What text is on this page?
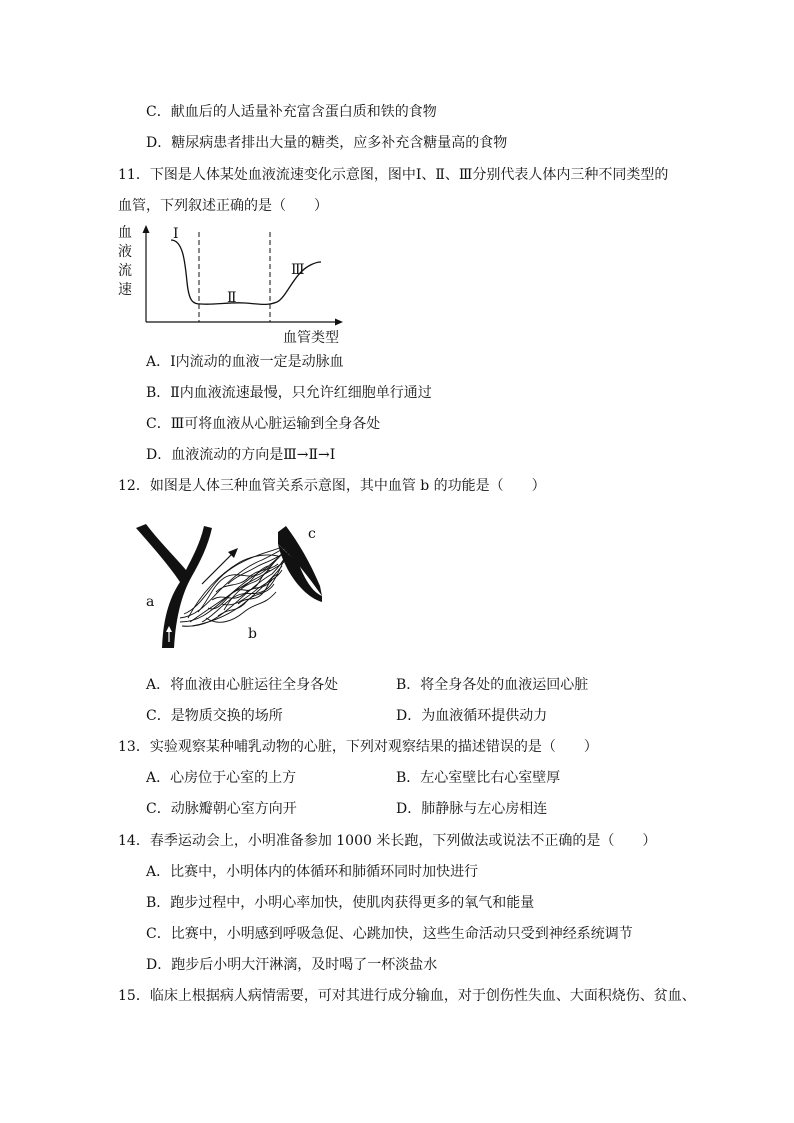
C．献血后的人适量补充富含蛋白质和铁的食物
D．糖尿病患者排出大量的糖类，应多补充含糖量高的食物
11．下图是人体某处血液流速变化示意图，图中Ⅰ、Ⅱ、Ⅲ分别代表人体内三种不同类型的
血管，下列叙述正确的是（　　）
血
液
流
速
Ⅰ
Ⅱ
Ⅲ
血管类型
A．Ⅰ内流动的血液一定是动脉血
B．Ⅱ内血液流速最慢，只允许红细胞单行通过
C．Ⅲ可将血液从心脏运输到全身各处
D．血液流动的方向是Ⅲ→Ⅱ→Ⅰ
12．如图是人体三种血管关系示意图，其中血管 b 的功能是（　　）
a
b
c
A．将血液由心脏运往全身各处	B．将全身各处的血液运回心脏
C．是物质交换的场所	D．为血液循环提供动力
13．实验观察某种哺乳动物的心脏，下列对观察结果的描述错误的是（　　）
A．心房位于心室的上方	B．左心室壁比右心室壁厚
C．动脉瓣朝心室方向开	D．肺静脉与左心房相连
14．春季运动会上，小明准备参加 1000 米长跑，下列做法或说法不正确的是（　　）
A．比赛中，小明体内的体循环和肺循环同时加快进行
B．跑步过程中，小明心率加快，使肌肉获得更多的氧气和能量
C．比赛中，小明感到呼吸急促、心跳加快，这些生命活动只受到神经系统调节
D．跑步后小明大汗淋漓，及时喝了一杯淡盐水
15．临床上根据病人病情需要，可对其进行成分输血，对于创伤性失血、大面积烧伤、贫血、
